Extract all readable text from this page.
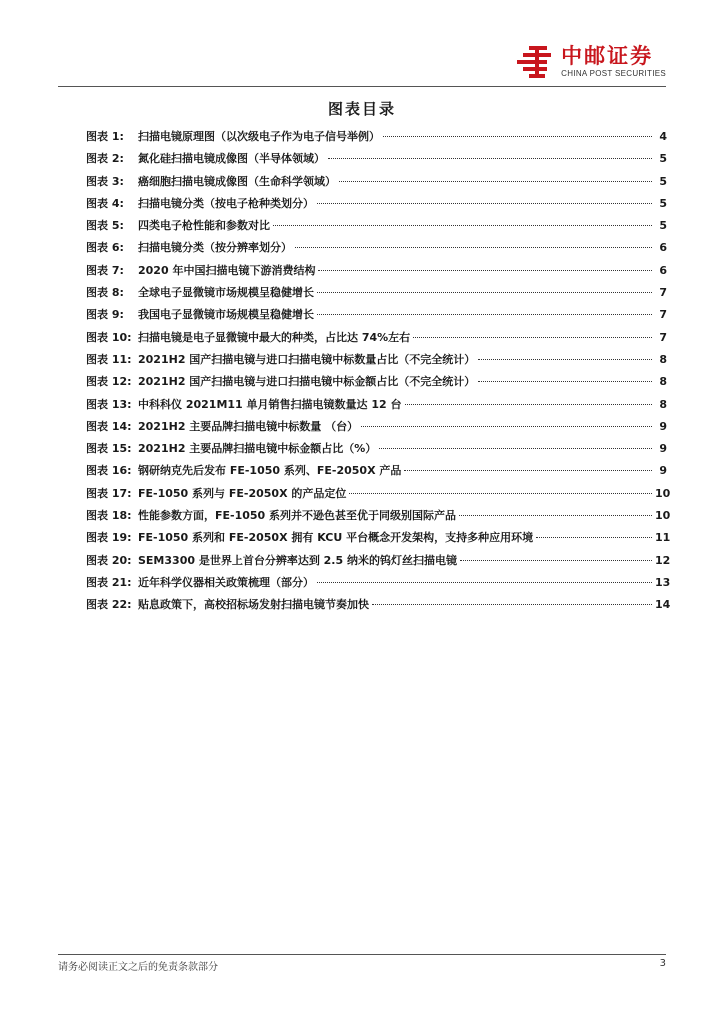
中邮证券
CHINA POST SECURITIES
图表目录
图表 1:	扫描电镜原理图（以次级电子作为电子信号举例）	4
图表 2:	氮化硅扫描电镜成像图（半导体领域）	5
图表 3:	癌细胞扫描电镜成像图（生命科学领域）	5
图表 4:	扫描电镜分类（按电子枪种类划分）	5
图表 5:	四类电子枪性能和参数对比	5
图表 6:	扫描电镜分类（按分辨率划分）	6
图表 7:	2020 年中国扫描电镜下游消费结构	6
图表 8:	全球电子显微镜市场规模呈稳健增长	7
图表 9:	我国电子显微镜市场规模呈稳健增长	7
图表 10: 扫描电镜是电子显微镜中最大的种类，占比达 74%左右	7
图表 11: 2021H2 国产扫描电镜与进口扫描电镜中标数量占比（不完全统计）	8
图表 12: 2021H2 国产扫描电镜与进口扫描电镜中标金额占比（不完全统计）	8
图表 13: 中科科仪 2021M11 单月销售扫描电镜数量达 12 台	8
图表 14: 2021H2 主要品牌扫描电镜中标数量 （台）	9
图表 15: 2021H2 主要品牌扫描电镜中标金额占比（%）	9
图表 16: 钢研纳克先后发布 FE-1050 系列、FE-2050X 产品	9
图表 17: FE-1050 系列与 FE-2050X 的产品定位	10
图表 18: 性能参数方面，FE-1050 系列并不逊色甚至优于同级别国际产品	10
图表 19: FE-1050 系列和 FE-2050X 拥有 KCU 平台概念开发架构，支持多种应用环境	11
图表 20: SEM3300 是世界上首台分辨率达到 2.5 纳米的钨灯丝扫描电镜	12
图表 21: 近年科学仪器相关政策梳理（部分）	13
图表 22: 贴息政策下，高校招标场发射扫描电镜节奏加快	14
请务必阅读正文之后的免责条款部分	3
